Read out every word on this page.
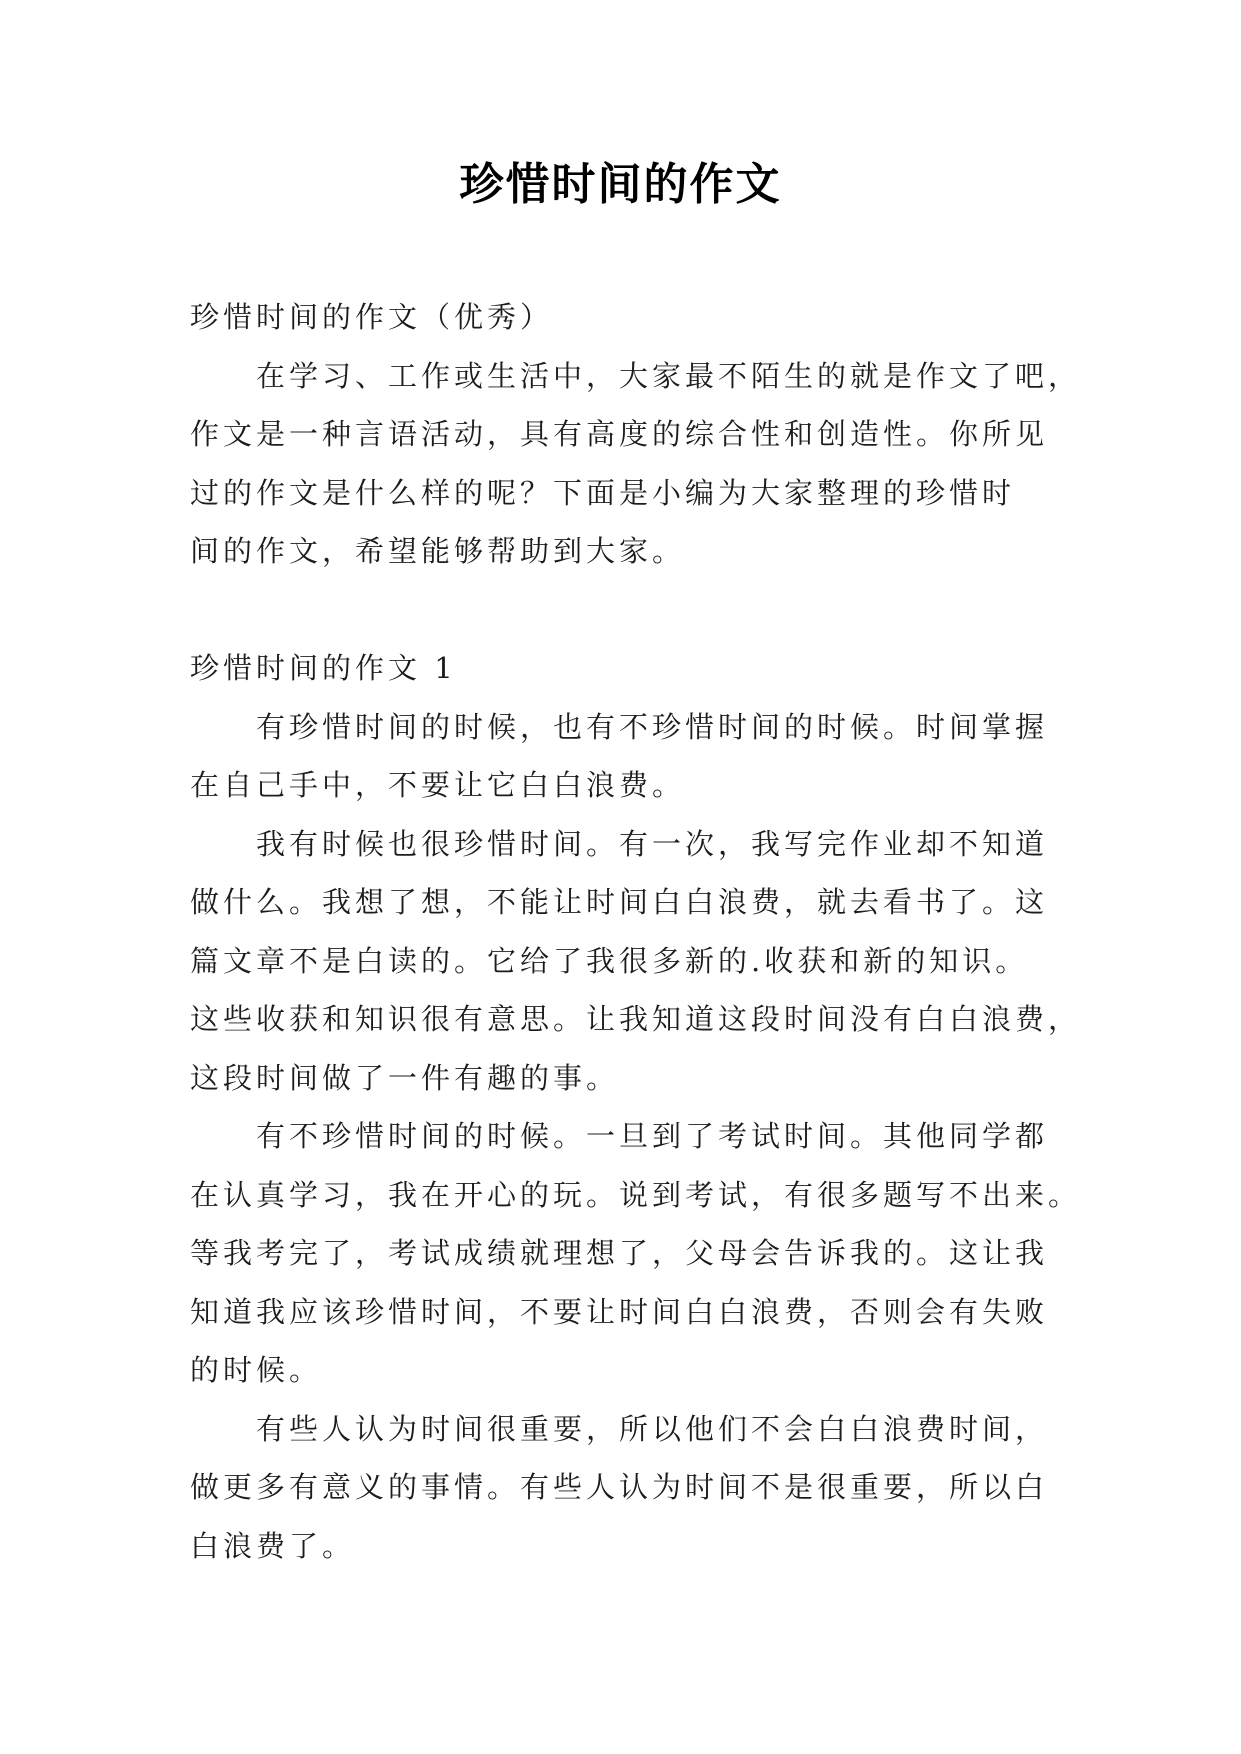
珍惜时间的作文
珍惜时间的作文（优秀）
在学习、工作或生活中，大家最不陌生的就是作文了吧，
作文是一种言语活动，具有高度的综合性和创造性。你所见
过的作文是什么样的呢？下面是小编为大家整理的珍惜时
间的作文，希望能够帮助到大家。
珍惜时间的作文 1
有珍惜时间的时候，也有不珍惜时间的时候。时间掌握
在自己手中，不要让它白白浪费。
我有时候也很珍惜时间。有一次，我写完作业却不知道
做什么。我想了想，不能让时间白白浪费，就去看书了。这
篇文章不是白读的。它给了我很多新的.收获和新的知识。
这些收获和知识很有意思。让我知道这段时间没有白白浪费，
这段时间做了一件有趣的事。
有不珍惜时间的时候。一旦到了考试时间。其他同学都
在认真学习，我在开心的玩。说到考试，有很多题写不出来。
等我考完了，考试成绩就理想了，父母会告诉我的。这让我
知道我应该珍惜时间，不要让时间白白浪费，否则会有失败
的时候。
有些人认为时间很重要，所以他们不会白白浪费时间，
做更多有意义的事情。有些人认为时间不是很重要，所以白
白浪费了。
